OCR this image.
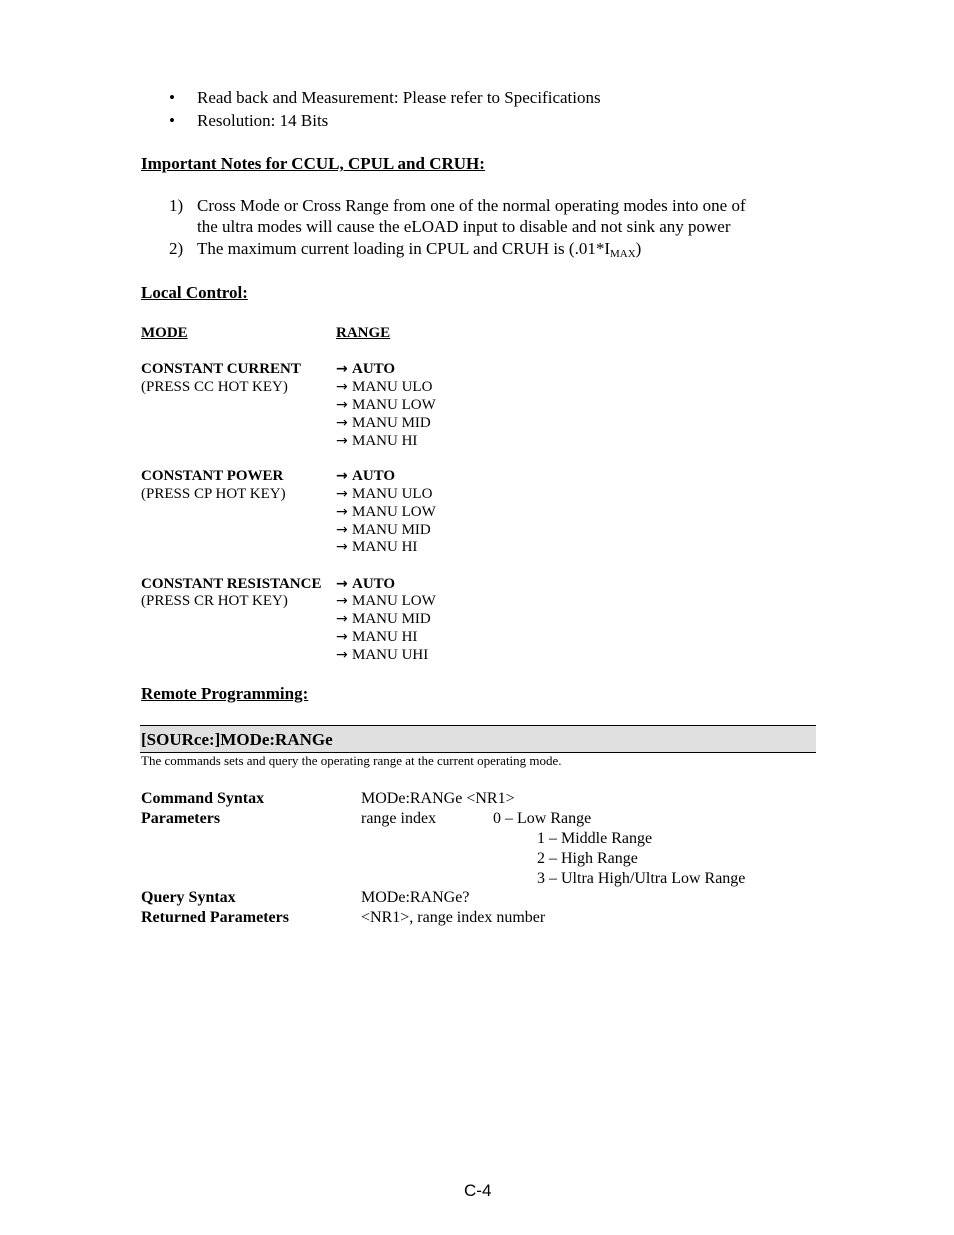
• Read back and Measurement: Please refer to Specifications
• Resolution: 14 Bits
Important Notes for CCUL, CPUL and CRUH:
1) Cross Mode or Cross Range from one of the normal operating modes into one of
the ultra modes will cause the eLOAD input to disable and not sink any power
2) The maximum current loading in CPUL and CRUH is $(.01*I_{MAX})$
Local Control:
MODE	RANGE
CONSTANT CURRENT
(PRESS CC HOT KEY)
→ AUTO
→ MANU ULO
→ MANU LOW
→ MANU MID
→ MANU HI
CONSTANT POWER
(PRESS CP HOT KEY)
→ AUTO
→ MANU ULO
→ MANU LOW
→ MANU MID
→ MANU HI
CONSTANT RESISTANCE
(PRESS CR HOT KEY)
→ AUTO
→ MANU LOW
→ MANU MID
→ MANU HI
→ MANU UHI
Remote Programming:
[SOURce:]MODe:RANGe
The commands sets and query the operating range at the current operating mode.
Command Syntax	MODe:RANGe <NR1>
Parameters	range index	0 – Low Range
1 – Middle Range
2 – High Range
3 – Ultra High/Ultra Low Range
Query Syntax	MODe:RANGe?
Returned Parameters	<NR1>, range index number
C-4
